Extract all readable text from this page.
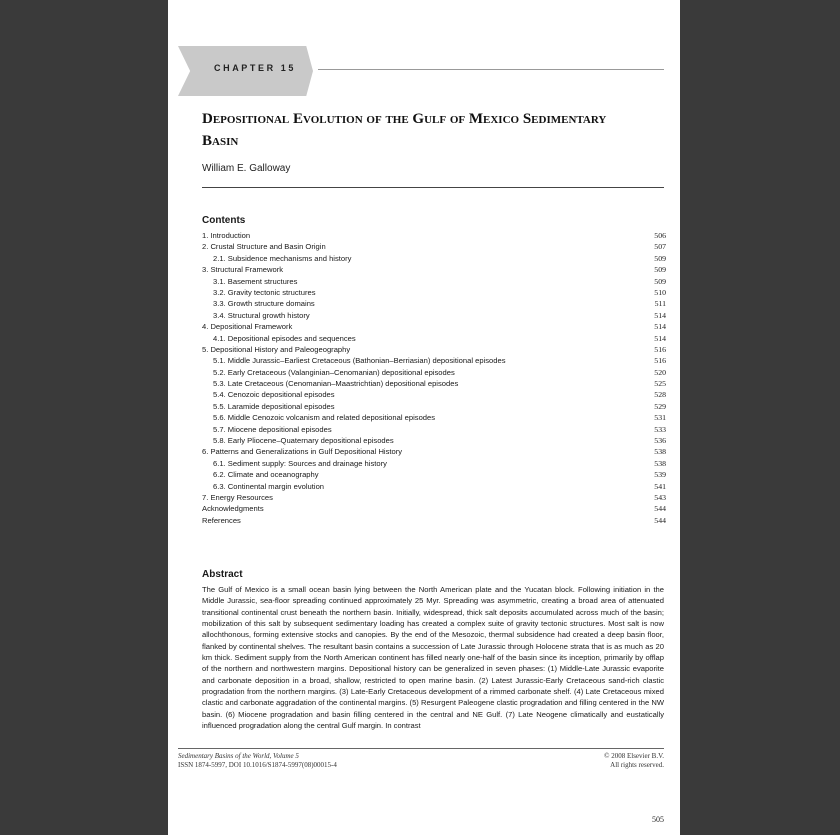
CHAPTER 15
Depositional Evolution of the Gulf of Mexico Sedimentary Basin
William E. Galloway
Contents
1. Introduction	506
2. Crustal Structure and Basin Origin	507
2.1. Subsidence mechanisms and history	509
3. Structural Framework	509
3.1. Basement structures	509
3.2. Gravity tectonic structures	510
3.3. Growth structure domains	511
3.4. Structural growth history	514
4. Depositional Framework	514
4.1. Depositional episodes and sequences	514
5. Depositional History and Paleogeography	516
5.1. Middle Jurassic–Earliest Cretaceous (Bathonian–Berriasian) depositional episodes	516
5.2. Early Cretaceous (Valanginian–Cenomanian) depositional episodes	520
5.3. Late Cretaceous (Cenomanian–Maastrichtian) depositional episodes	525
5.4. Cenozoic depositional episodes	528
5.5. Laramide depositional episodes	529
5.6. Middle Cenozoic volcanism and related depositional episodes	531
5.7. Miocene depositional episodes	533
5.8. Early Pliocene–Quaternary depositional episodes	536
6. Patterns and Generalizations in Gulf Depositional History	538
6.1. Sediment supply: Sources and drainage history	538
6.2. Climate and oceanography	539
6.3. Continental margin evolution	541
7. Energy Resources	543
Acknowledgments	544
References	544
Abstract

The Gulf of Mexico is a small ocean basin lying between the North American plate and the Yucatan block. Following initiation in the Middle Jurassic, sea-floor spreading continued approximately 25 Myr. Spreading was asymmetric, creating a broad area of attenuated transitional continental crust beneath the northern basin. Initially, widespread, thick salt deposits accumulated across much of the basin; mobilization of this salt by subsequent sedimentary loading has created a complex suite of gravity tectonic structures. Most salt is now allochthonous, forming extensive stocks and canopies. By the end of the Mesozoic, thermal subsidence had created a deep basin floor, flanked by continental shelves. The resultant basin contains a succession of Late Jurassic through Holocene strata that is as much as 20 km thick. Sediment supply from the North American continent has filled nearly one-half of the basin since its inception, primarily by offlap of the northern and northwestern margins. Depositional history can be generalized in seven phases: (1) Middle-Late Jurassic evaporite and carbonate deposition in a broad, shallow, restricted to open marine basin. (2) Latest Jurassic-Early Cretaceous sand-rich clastic progradation from the northern margins. (3) Late-Early Cretaceous development of a rimmed carbonate shelf. (4) Late Cretaceous mixed clastic and carbonate aggradation of the continental margins. (5) Resurgent Paleogene clastic progradation and filling centered in the NW basin. (6) Miocene progradation and basin filling centered in the central and NE Gulf. (7) Late Neogene climatically and eustatically influenced progradation along the central Gulf margin. In contrast

Sedimentary Basins of the World, Volume 5
ISSN 1874-5997, DOI 10.1016/S1874-5997(08)00015-4
© 2008 Elsevier B.V.
All rights reserved.
505
